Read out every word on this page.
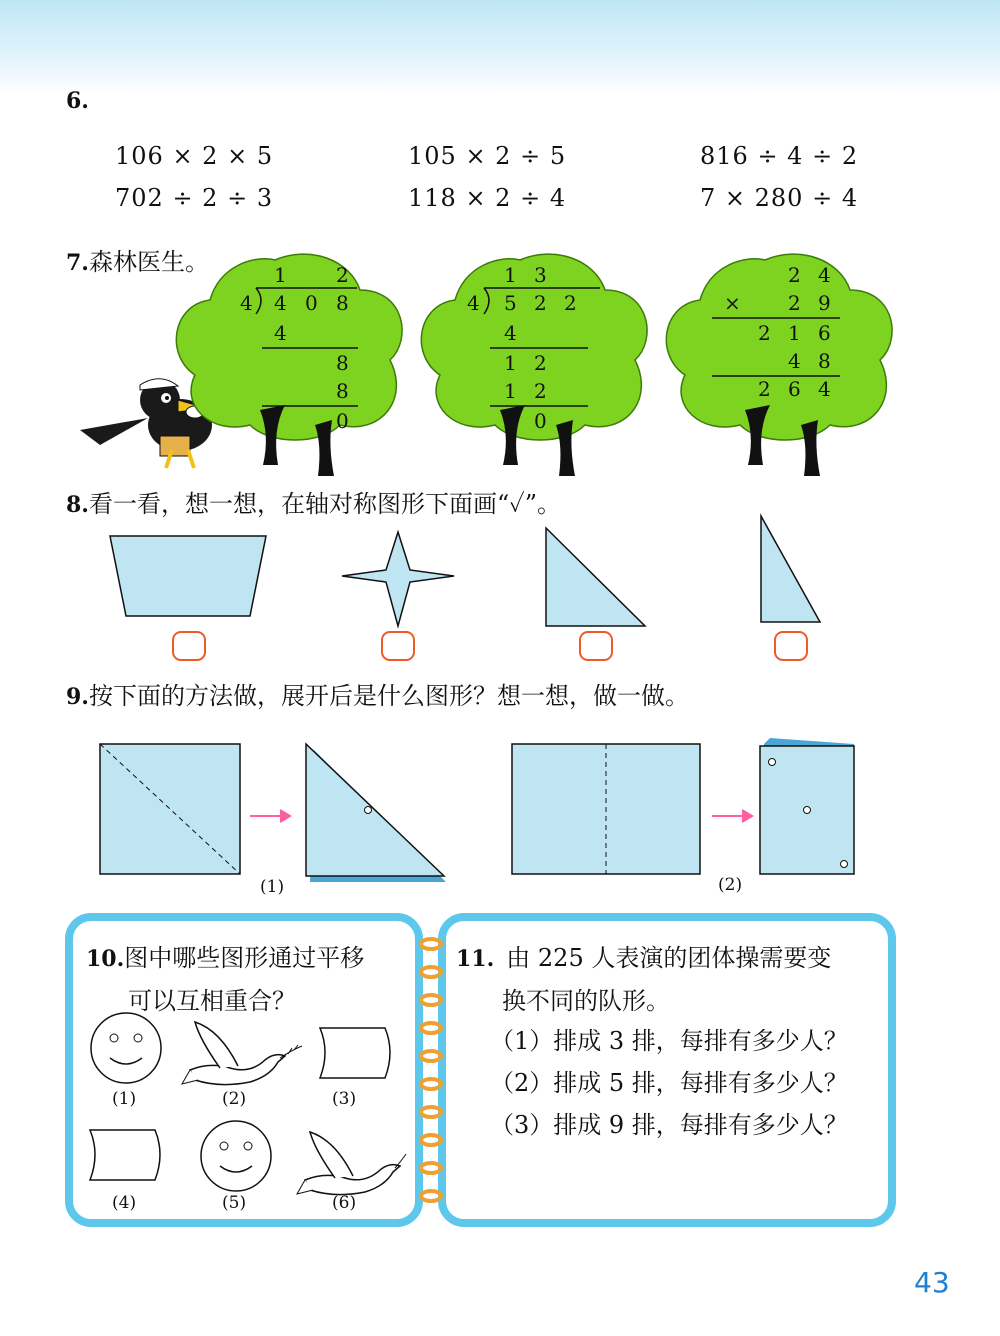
6.
106 × 2 × 5	105 × 2 ÷ 5	816 ÷ 4 ÷ 2
702 ÷ 2 ÷ 3	118 × 2 ÷ 4	7 × 280 ÷ 4
7.森林医生。	1 2
4 4 0 8
4
8
8
0
1 3
4 5 2 2
4
1 2
1 2
0
2 4
× 2 9
2 1 6
4 8
2 6 4
8.看一看，想一想，在轴对称图形下面画“✓”。
9.按下面的方法做，展开后是什么图形？想一想，做一做。
(1)	(2)
10.图中哪些图形通过平移
可以互相重合？
(1)	(2)	(3)
(4)	(5)	(6)
11. 由 225 人表演的团体操需要变
换不同的队形。
（1）排成 3 排，每排有多少人？
（2）排成 5 排，每排有多少人？
（3）排成 9 排，每排有多少人？
43
